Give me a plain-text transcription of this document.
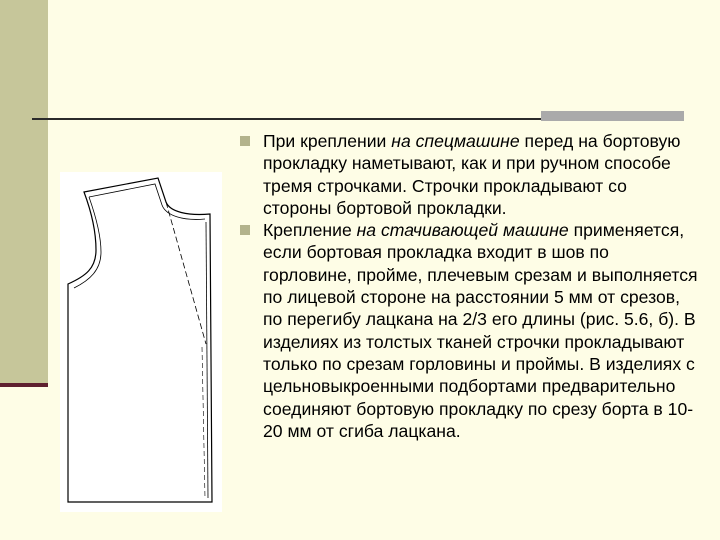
При креплении на спецмашине перед на бортовую прокладку наметывают, как и при ручном способе тремя строчками. Строчки прокладывают со стороны бортовой прокладки.
Крепление на стачивающей машине применяется, если бортовая прокладка входит в шов по горловине, пройме, плечевым срезам и выполняется по лицевой стороне на расстоянии 5 мм от срезов, по перегибу лацкана на 2/3 его длины (рис. 5.6, б). В изделиях из толстых тканей строчки прокладывают только по срезам горловины и проймы. В изделиях с цельновыкроенными подбортами предварительно соединяют бортовую прокладку по срезу борта в 10-20 мм от сгиба лацкана.
